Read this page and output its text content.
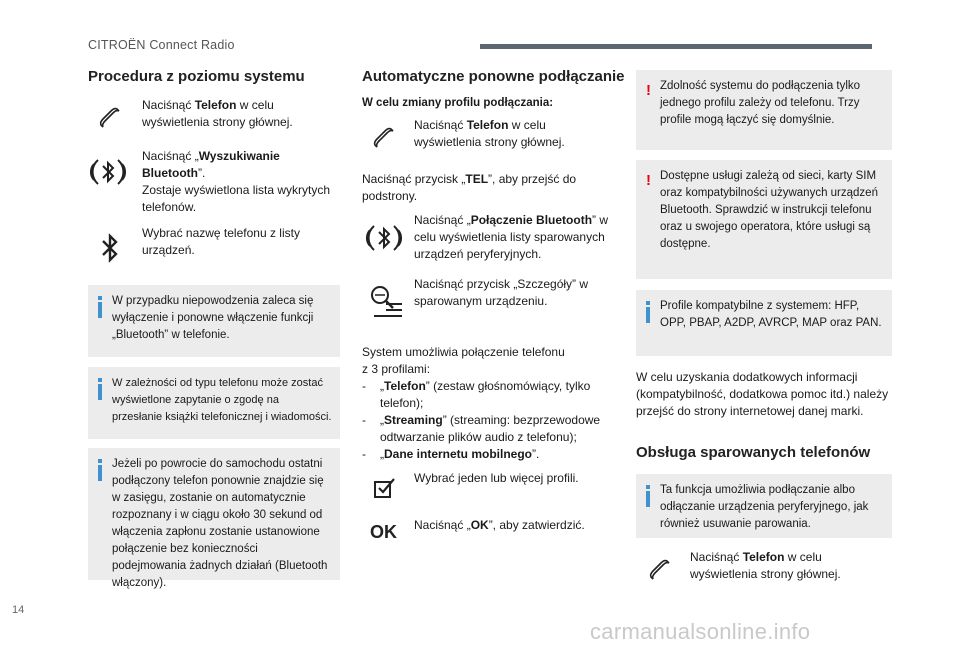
CITROËN Connect Radio
Procedura z poziomu systemu
Naciśnąć Telefon w celu wyświetlenia strony głównej.
Naciśnąć „Wyszukiwanie Bluetooth”.
Zostaje wyświetlona lista wykrytych telefonów.
Wybrać nazwę telefonu z listy urządzeń.
W przypadku niepowodzenia zaleca się wyłączenie i ponowne włączenie funkcji „Bluetooth” w telefonie.
W zależności od typu telefonu może zostać wyświetlone zapytanie o zgodę na przesłanie książki telefonicznej i wiadomości.
Jeżeli po powrocie do samochodu ostatni podłączony telefon ponownie znajdzie się w zasięgu, zostanie on automatycznie rozpoznany i w ciągu około 30 sekund od włączenia zapłonu zostanie ustanowione połączenie bez konieczności podejmowania żadnych działań (Bluetooth włączony).
Automatyczne ponowne podłączanie
W celu zmiany profilu podłączania:
Naciśnąć Telefon w celu wyświetlenia strony głównej.
Naciśnąć przycisk „TEL”, aby przejść do podstrony.
Naciśnąć „Połączenie Bluetooth” w celu wyświetlenia listy sparowanych urządzeń peryferyjnych.
Naciśnąć przycisk „Szczegóły” w sparowanym urządzeniu.
System umożliwia połączenie telefonu
z 3 profilami:
- „Telefon” (zestaw głośnomówiący, tylko telefon);
- „Streaming” (streaming: bezprzewodowe odtwarzanie plików audio z telefonu);
- „Dane internetu mobilnego”.
Wybrać jeden lub więcej profili.
OK Naciśnąć „OK”, aby zatwierdzić.
! Zdolność systemu do podłączenia tylko jednego profilu zależy od telefonu. Trzy profile mogą łączyć się domyślnie.
! Dostępne usługi zależą od sieci, karty SIM oraz kompatybilności używanych urządzeń Bluetooth. Sprawdzić w instrukcji telefonu oraz u swojego operatora, które usługi są dostępne.
Profile kompatybilne z systemem: HFP, OPP, PBAP, A2DP, AVRCP, MAP oraz PAN.
W celu uzyskania dodatkowych informacji (kompatybilność, dodatkowa pomoc itd.) należy przejść do strony internetowej danej marki.
Obsługa sparowanych telefonów
Ta funkcja umożliwia podłączanie albo odłączanie urządzenia peryferyjnego, jak również usuwanie parowania.
Naciśnąć Telefon w celu wyświetlenia strony głównej.
14
carmanualsonline.info
